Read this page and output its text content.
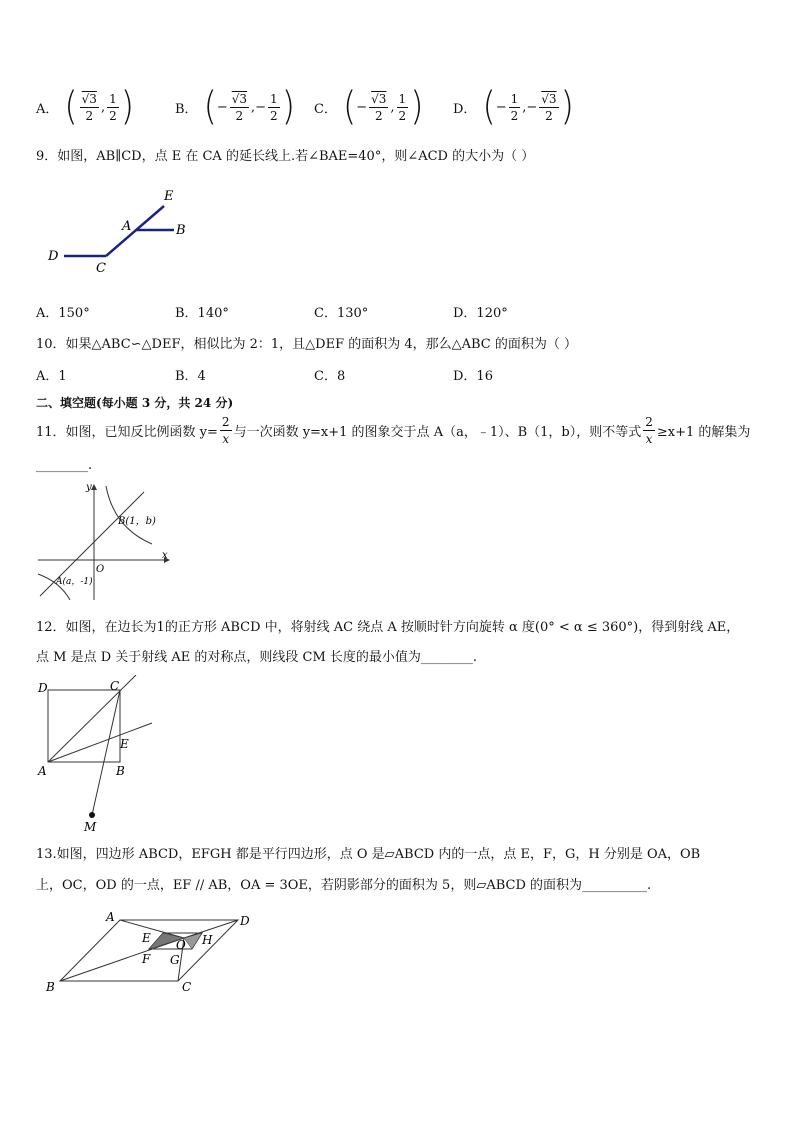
A． ( $\frac{√3}{2}$ , $\frac{1}{2}$ )	B． ( − $\frac{√3}{2}$ ,− $\frac{1}{2}$ ) C． ( − $\frac{√3}{2}$ , $\frac{1}{2}$ ) D． ( − $\frac{1}{2}$ ,− $\frac{√3}{2}$ )
9．如图，AB∥CD，点 E 在 CA 的延长线上.若∠BAE=40°，则∠ACD 的大小为（ ）
E
A	B
D
C
A．150°	B．140°	C．130°	D．120°
10．如果△ABC∽△DEF，相似比为 2：1，且△DEF 的面积为 4，那么△ABC 的面积为（ ）
A．1	B．4	C．8	D．16
二、填空题(每小题 3 分，共 24 分)
11．如图，已知反比例函数 $y= \frac{2}{x}$ 与一次函数 y=x+1 的图象交于点 A（a，﹣1）、B（1，b），则不等式 $\frac{2}{x} \ge x+1$ 的解集为
________.
y
x
O
B(1，b)
A(a，-1)
12．如图，在边长为1的正方形 ABCD 中，将射线 AC 绕点 A 按顺时针方向旋转 α 度(0° < α ≤ 360°)，得到射线 AE，
点 M 是点 D 关于射线 AE 的对称点，则线段 CM 长度的最小值为________.
D	C
E
A	B
M
13.如图，四边形 ABCD，EFGH 都是平行四边形，点 O 是▱ABCD 内的一点，点 E，F，G，H 分别是 OA，OB
上，OC，OD 的一点，EF // AB，OA = 3OE，若阴影部分的面积为 5，则▱ABCD 的面积为__________.
A	D
E O H
F G
B	C
